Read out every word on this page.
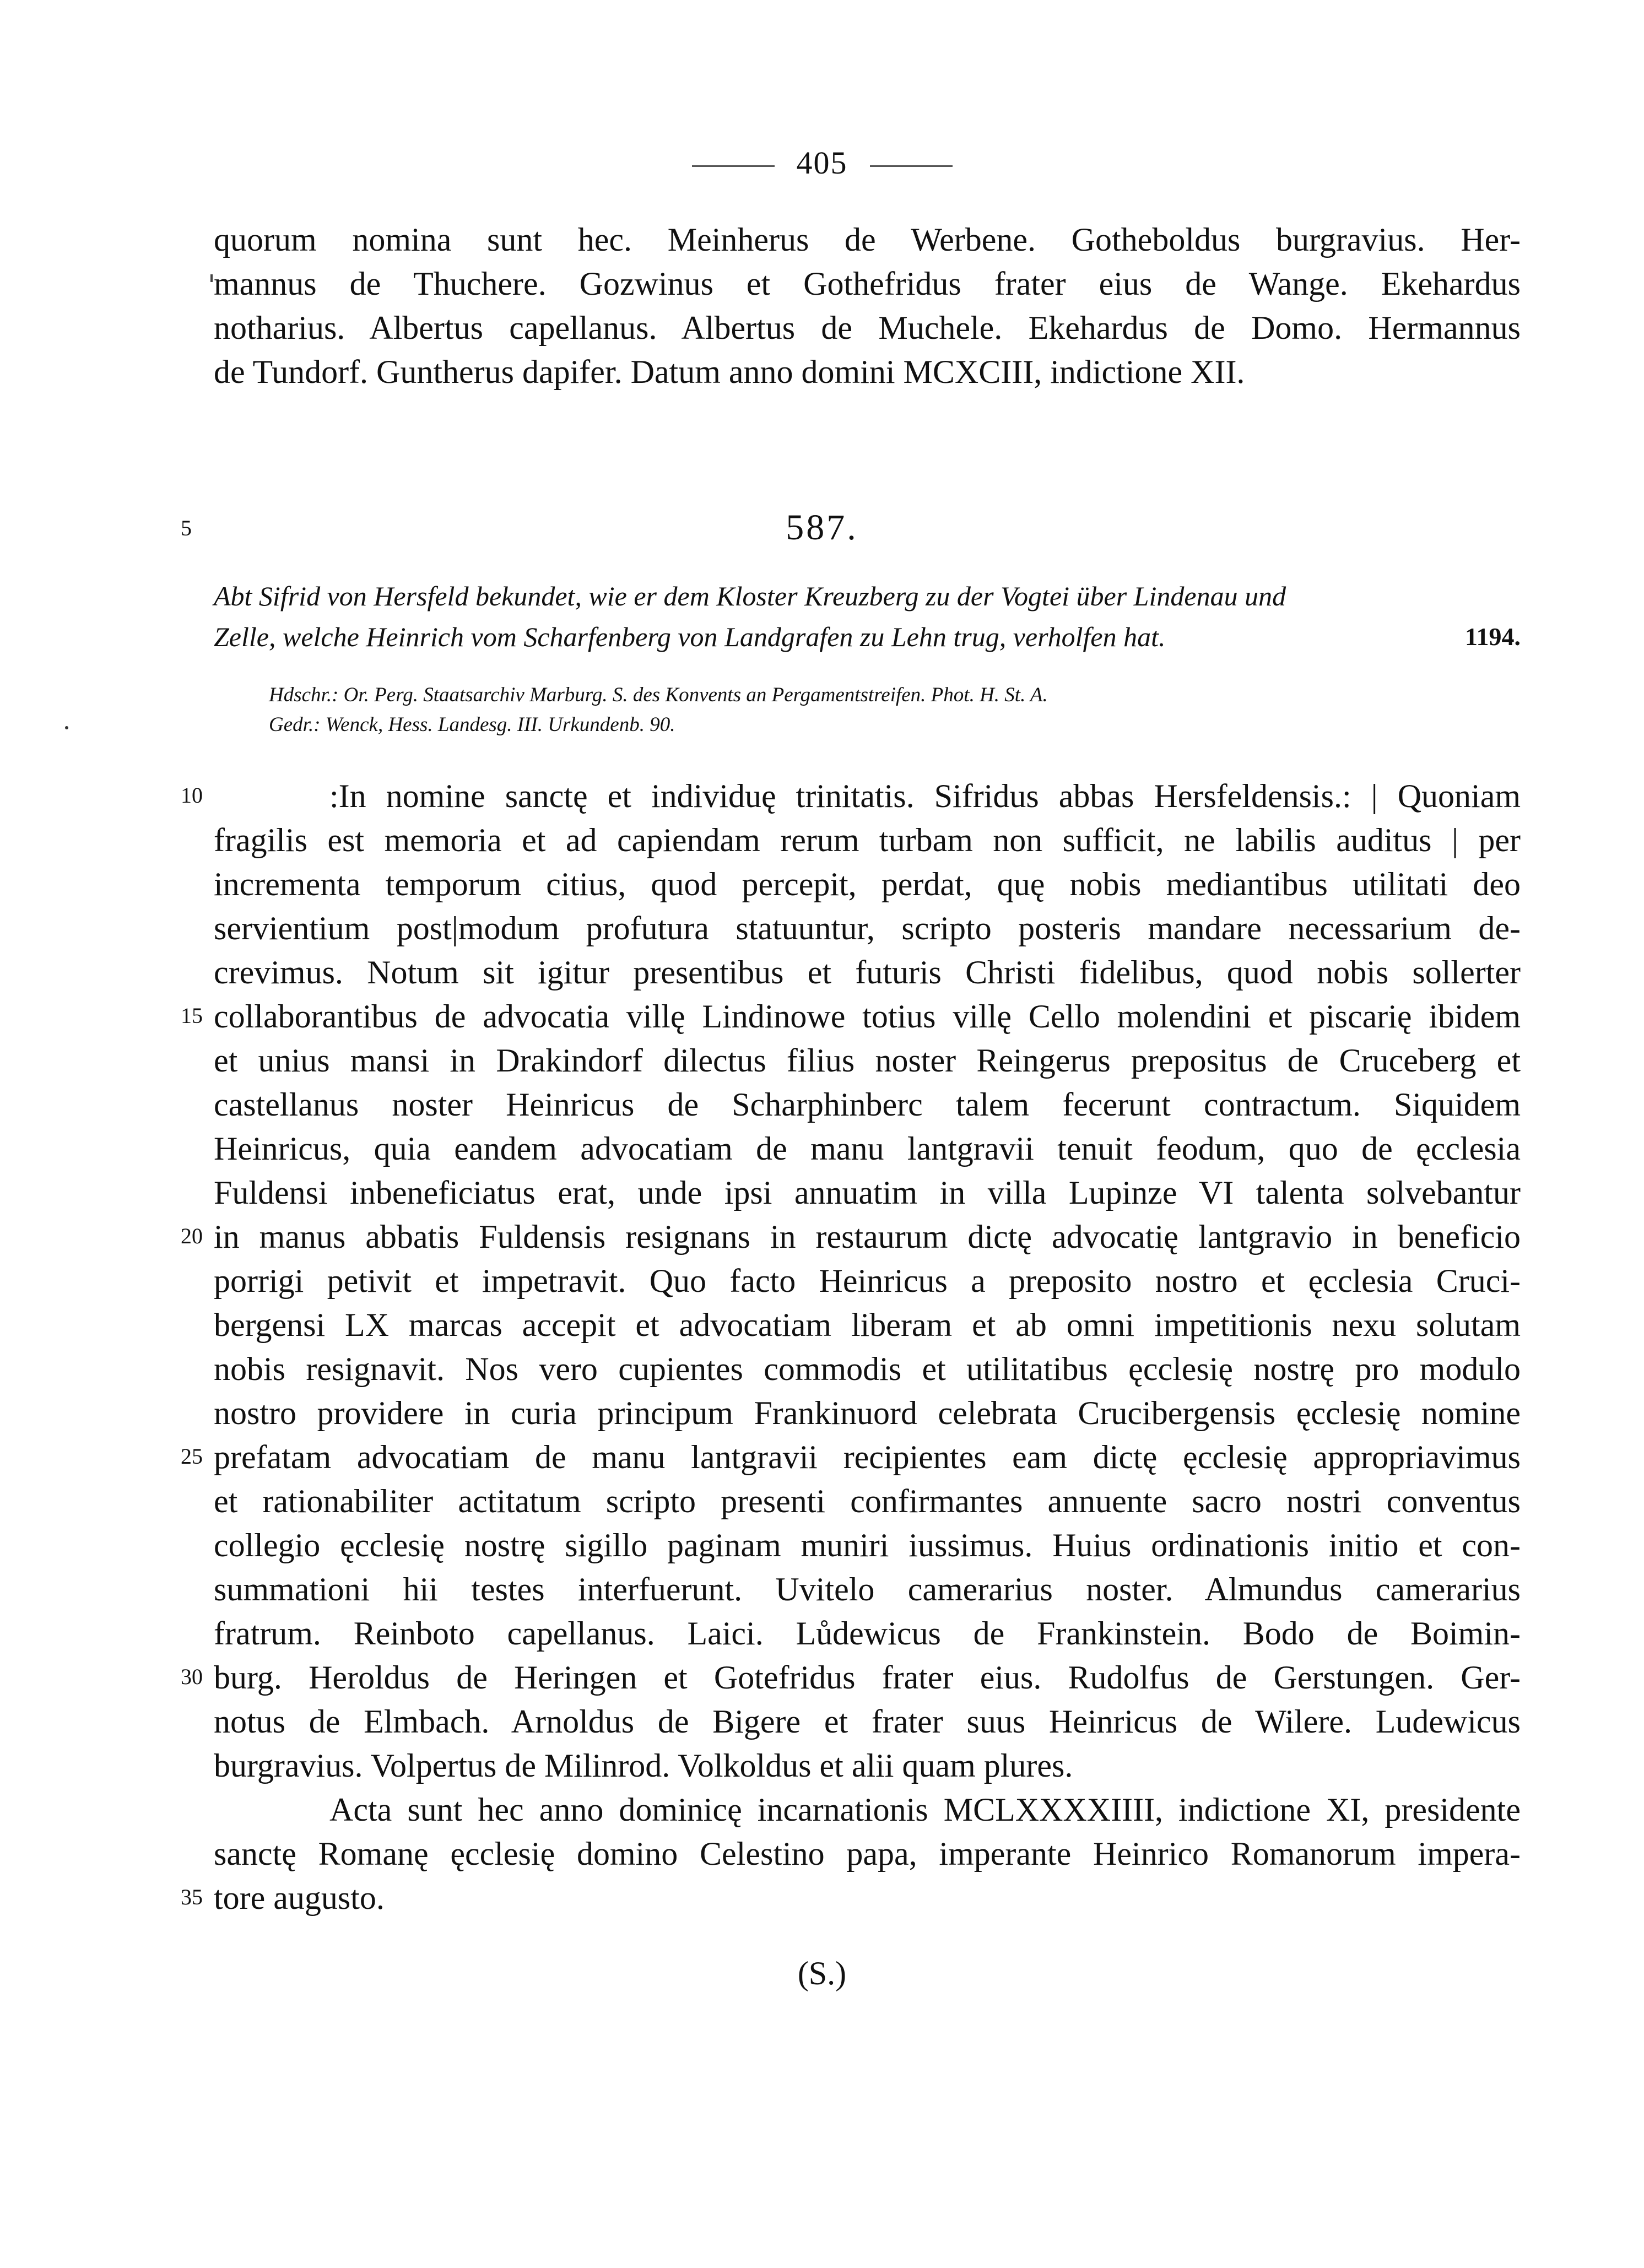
405
quorum nomina sunt hec. Meinherus de Werbene. Gotheboldus burgravius. Her-
mannus de Thuchere. Gozwinus et Gothefridus frater eius de Wange. Ekehardus
notharius. Albertus capellanus. Albertus de Muchele. Ekehardus de Domo. Hermannus
de Tundorf. Guntherus dapifer. Datum anno domini MCXCIII, indictione XII.
5	587.
Abt Sifrid von Hersfeld bekundet, wie er dem Kloster Kreuzberg zu der Vogtei über Lindenau und
Zelle, welche Heinrich vom Scharfenberg von Landgrafen zu Lehn trug, verholfen hat.	1194.
Hdschr.: Or. Perg. Staatsarchiv Marburg. S. des Konvents an Pergamentstreifen. Phot. H. St. A.
Gedr.: Wenck, Hess. Landesg. III. Urkundenb. 90.
10
15
20
25
30
35
:In nomine sanctę et individuę trinitatis. Sifridus abbas Hersfeldensis.: | Quoniam
fragilis est memoria et ad capiendam rerum turbam non sufficit, ne labilis auditus | per
incrementa temporum citius, quod percepit, perdat, quę nobis mediantibus utilitati deo
servientium post|modum profutura statuuntur, scripto posteris mandare necessarium de-
crevimus. Notum sit igitur presentibus et futuris Christi fidelibus, quod nobis sollerter
collaborantibus de advocatia villę Lindinowe totius villę Cello molendini et piscarię ibidem
et unius mansi in Drakindorf dilectus filius noster Reingerus prepositus de Cruceberg et
castellanus noster Heinricus de Scharphinberc talem fecerunt contractum. Siquidem
Heinricus, quia eandem advocatiam de manu lantgravii tenuit feodum, quo de ęcclesia
Fuldensi inbeneficiatus erat, unde ipsi annuatim in villa Lupinze VI talenta solvebantur
in manus abbatis Fuldensis resignans in restaurum dictę advocatię lantgravio in beneficio
porrigi petivit et impetravit. Quo facto Heinricus a preposito nostro et ęcclesia Cruci-
bergensi LX marcas accepit et advocatiam liberam et ab omni impetitionis nexu solutam
nobis resignavit. Nos vero cupientes commodis et utilitatibus ęcclesię nostrę pro modulo
nostro providere in curia principum Frankinuord celebrata Crucibergensis ęcclesię nomine
prefatam advocatiam de manu lantgravii recipientes eam dictę ęcclesię appropriavimus
et rationabiliter actitatum scripto presenti confirmantes annuente sacro nostri conventus
collegio ęcclesię nostrę sigillo paginam muniri iussimus. Huius ordinationis initio et con-
summationi hii testes interfuerunt. Uvitelo camerarius noster. Almundus camerarius
fratrum. Reinboto capellanus. Laici. Lůdewicus de Frankinstein. Bodo de Boimin-
burg. Heroldus de Heringen et Gotefridus frater eius. Rudolfus de Gerstungen. Ger-
notus de Elmbach. Arnoldus de Bigere et frater suus Heinricus de Wilere. Ludewicus
burgravius. Volpertus de Milinrod. Volkoldus et alii quam plures.
Acta sunt hec anno dominicę incarnationis MCLXXXXIIII, indictione XI, presidente
sanctę Romanę ęcclesię domino Celestino papa, imperante Heinrico Romanorum impera-
tore augusto.
(S.)
